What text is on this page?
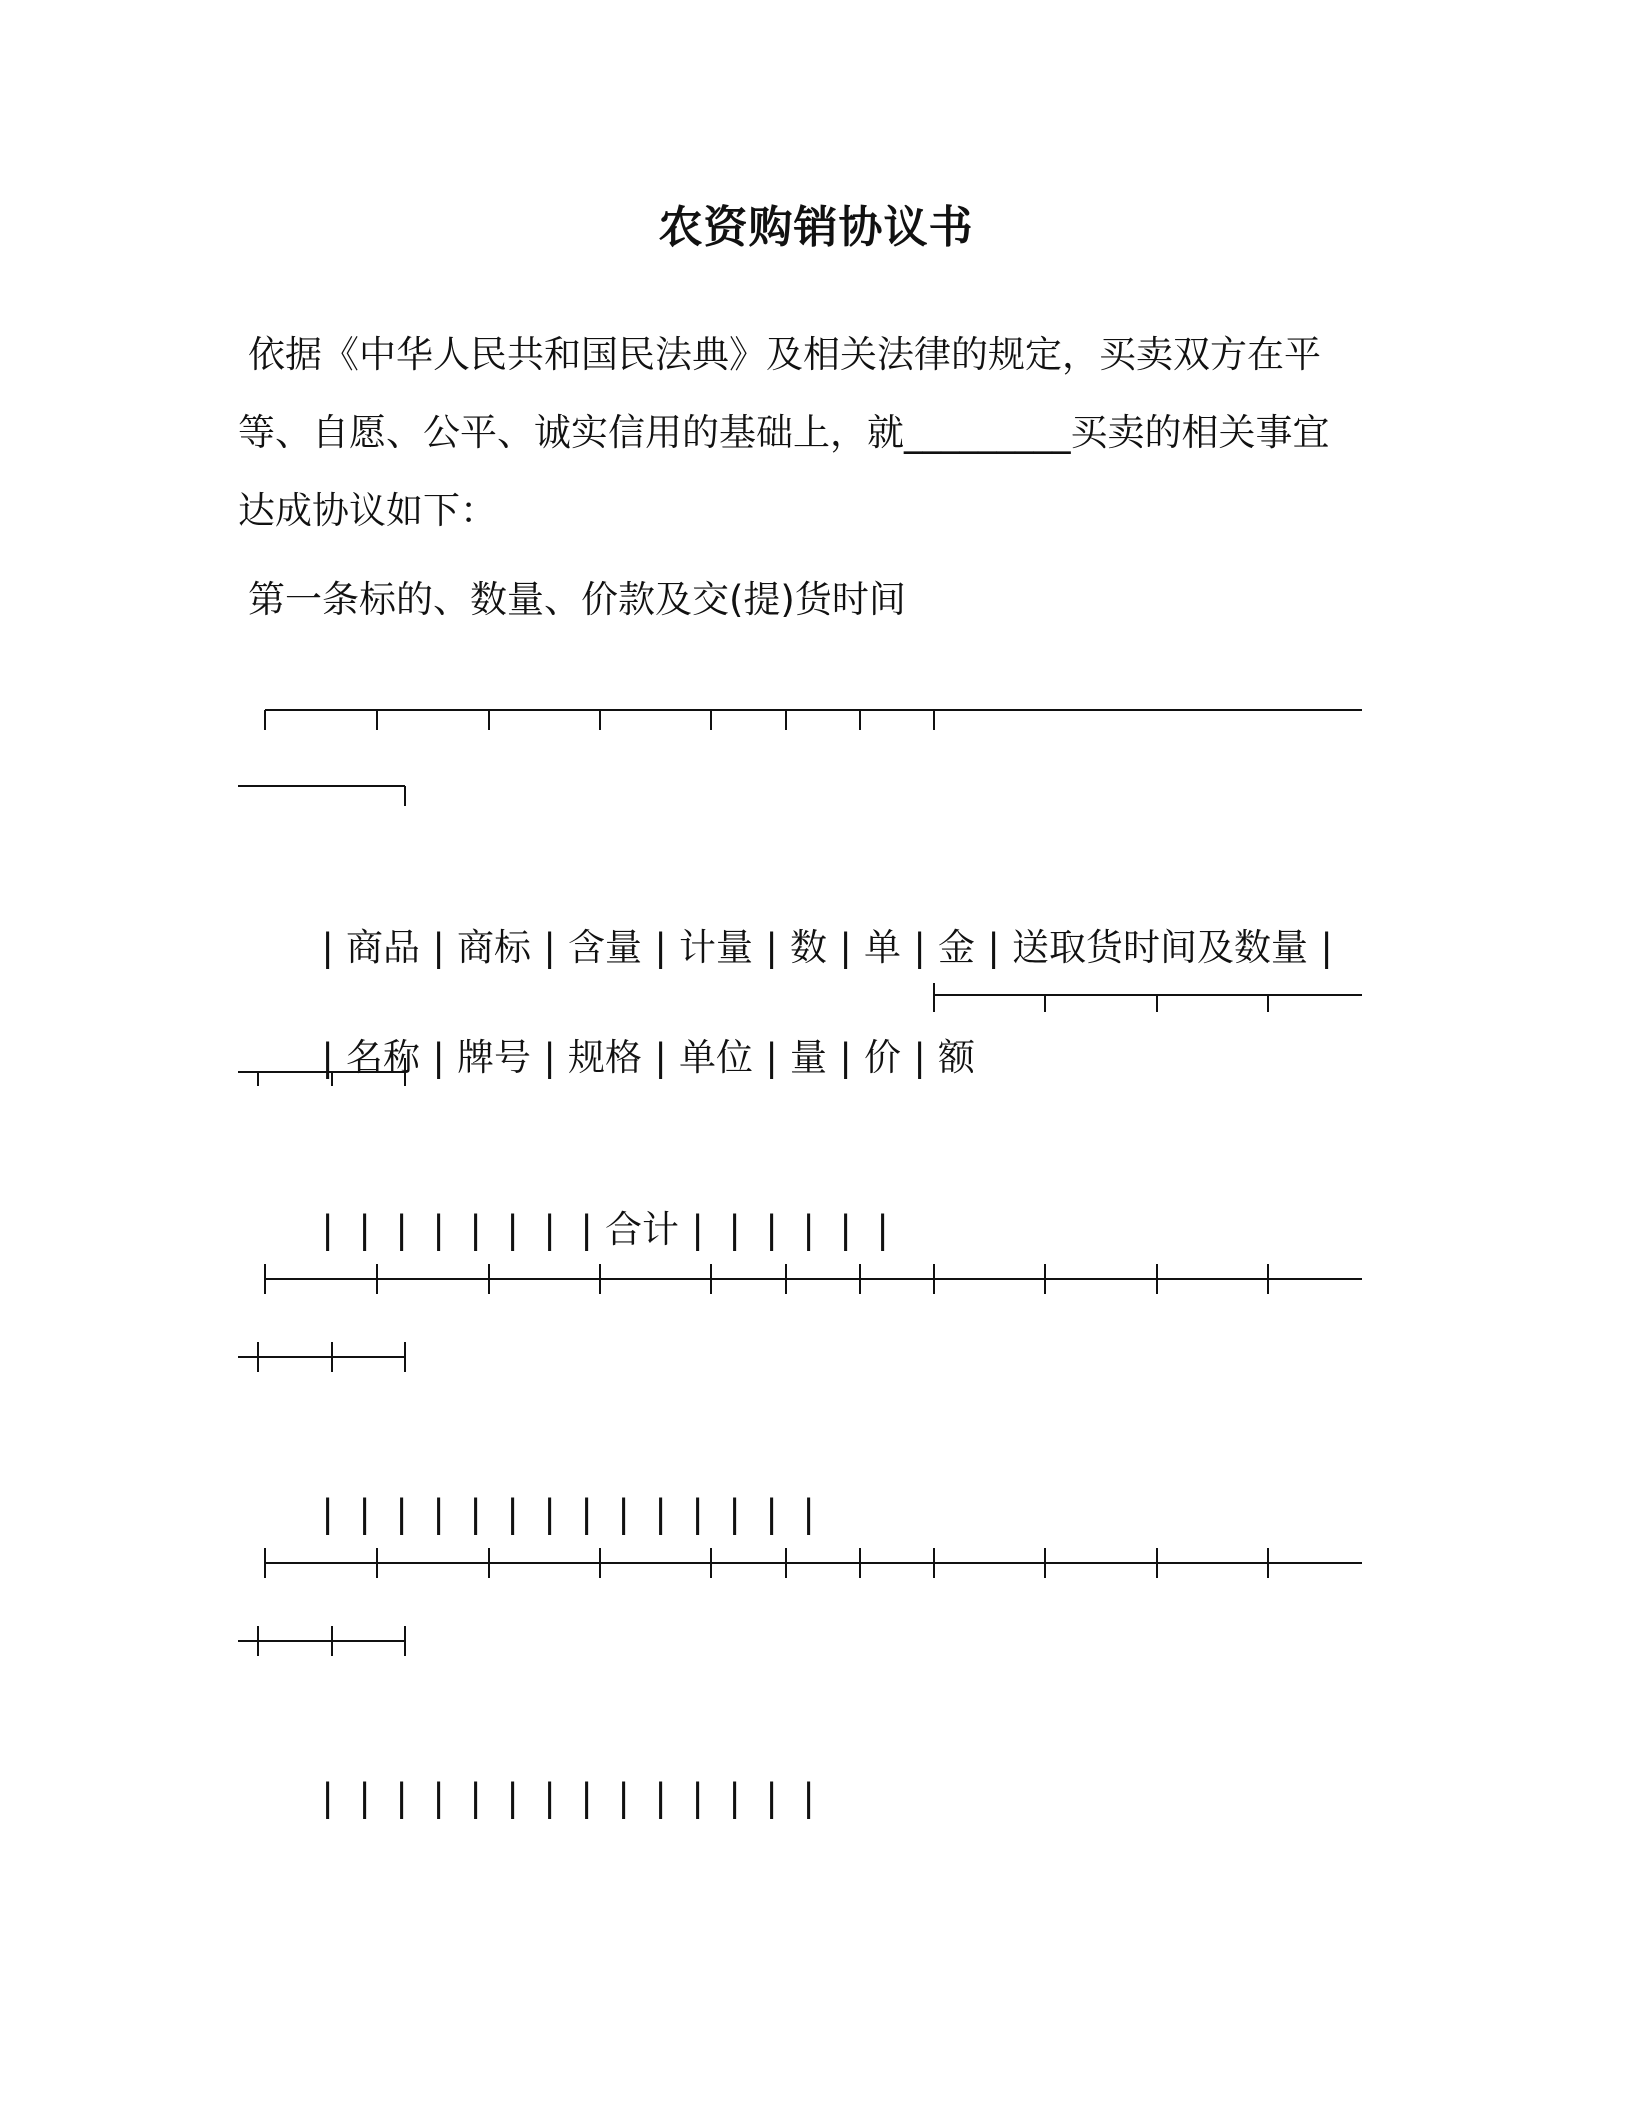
农资购销协议书
依据《中华人民共和国民法典》及相关法律的规定，买卖双方在平
等、自愿、公平、诚实信用的基础上，就_________买卖的相关事宜
达成协议如下：
第一条标的、数量、价款及交(提)货时间

| 商品 | 商标 | 含量 | 计量 | 数 | 单 | 金 | 送取货时间及数量 |

| 名称 | 牌号 | 规格 | 单位 | 量 | 价 | 额

| | | | | | | | 合计 | | | | | |

| | | | | | | | | | | | | |

| | | | | | | | | | | | | |
